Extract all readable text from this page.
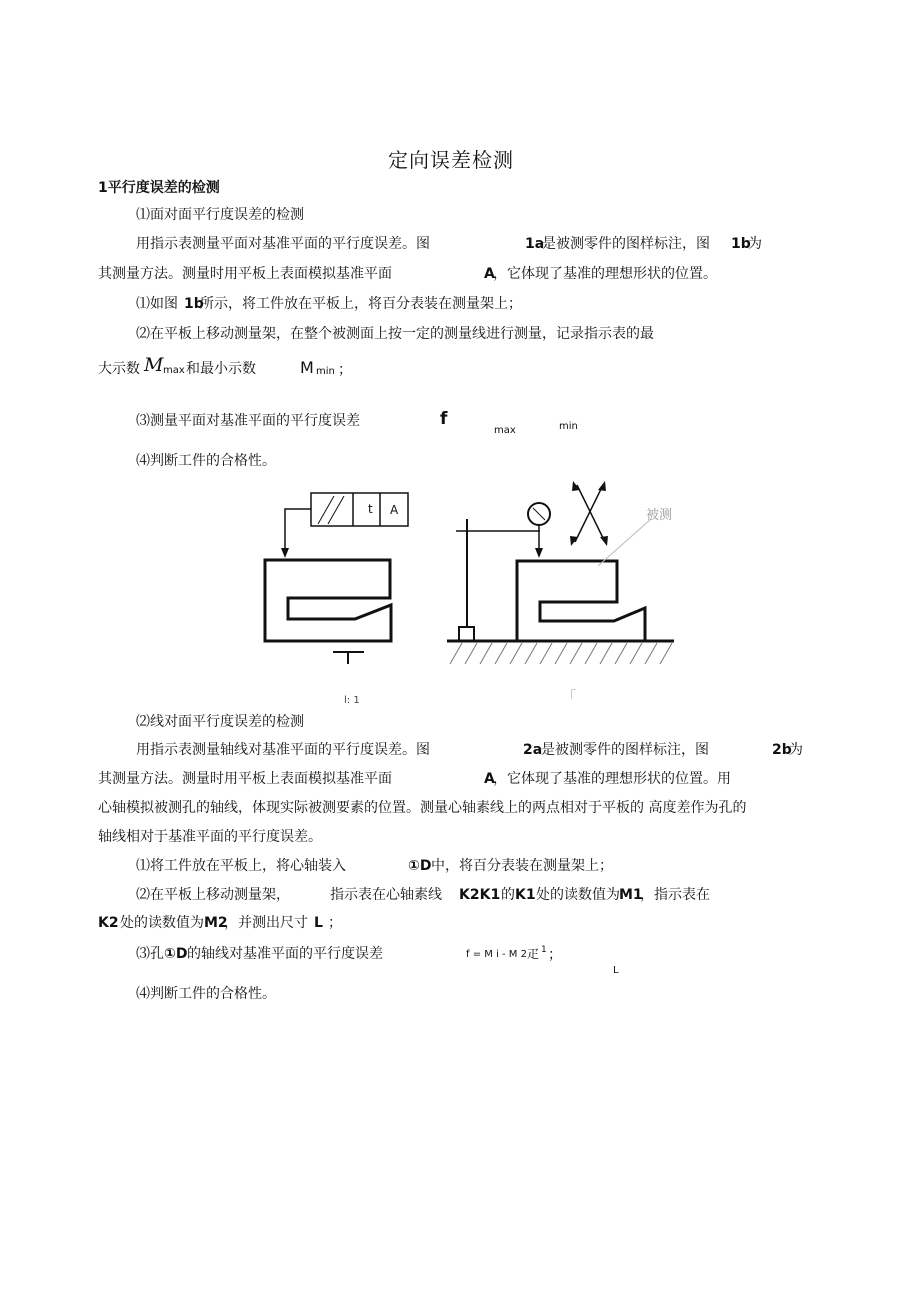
定向误差检测
1平行度误差的检测
⑴面对面平行度误差的检测
用指示表测量平面对基准平面的平行度误差。图	1a
是被测零件的图样标注，图 1b
为
其测量方法。测量时用平板上表面模拟基准平面	A
，它体现了基准的理想形状的位置。
⑴如图 1b
所示，将工件放在平板上，将百分表装在测量架上；
⑵在平板上移动测量架，在整个被测面上按一定的测量线进行测量，记录指示表的最
大示数 M max 和最小示数	M min ；
⑶测量平面对基准平面的平行度误差	f
max	min
⑷判断工件的合格性。
t A	被测
l: 1	「
⑵线对面平行度误差的检测
用指示表测量轴线对基准平面的平行度误差。图	2a
是被测零件的图样标注，图	2b
为
其测量方法。测量时用平板上表面模拟基准平面	A
，它体现了基准的理想形状的位置。用
心轴模拟被测孔的轴线，体现实际被测要素的位置。测量心轴素线上的两点相对于平板的 高度差作为孔的
轴线相对于基准平面的平行度误差。
⑴将工件放在平板上，将心轴装入	①D 中，将百分表装在测量架上；
⑵在平板上移动测量架，	指示表在心轴素线 K2K1 的 K1 处的读数值为 M1
，指示表在
K2 处的读数值为 M2
，并测出尺寸 L ；
⑶孔 ①D 的轴线对基准平面的平行度误差	f = M i - M 2 疋 1 ；
L
⑷判断工件的合格性。
